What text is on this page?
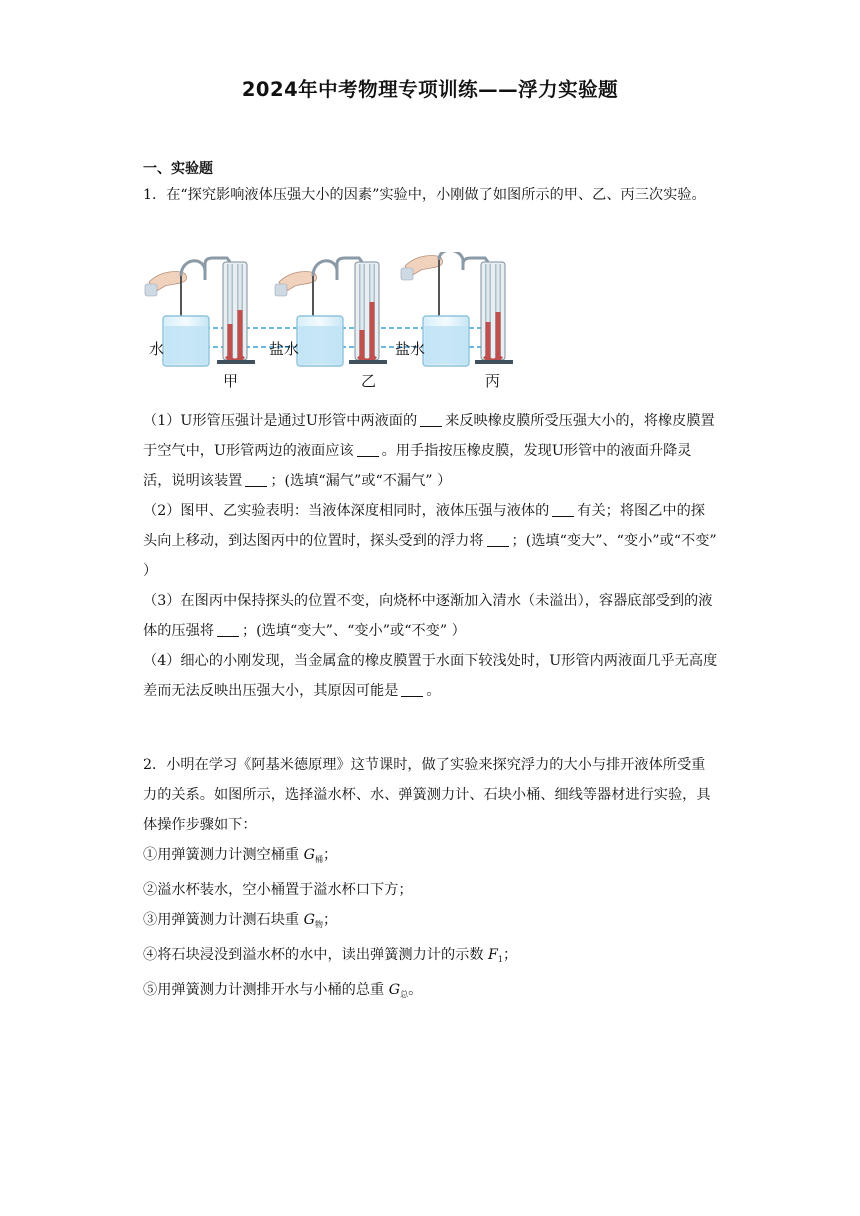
2024年中考物理专项训练——浮力实验题
一、实验题

1．在“探究影响液体压强大小的因素”实验中，小刚做了如图所示的甲、乙、丙三次实验。

水
甲
盐水
乙
盐水
丙

（1）U形管压强计是通过U形管中两液面的 来反映橡皮膜所受压强大小的，将橡皮膜置于空气中，U形管两边的液面应该 。用手指按压橡皮膜，发现U形管中的液面升降灵活，说明该装置 ；(选填“漏气”或“不漏气” ）

（2）图甲、乙实验表明：当液体深度相同时，液体压强与液体的 有关；将图乙中的探头向上移动，到达图丙中的位置时，探头受到的浮力将 ；(选填“变大”、“变小”或“不变” ）

（3）在图丙中保持探头的位置不变，向烧杯中逐渐加入清水（未溢出），容器底部受到的液体的压强将 ；(选填“变大”、“变小”或“不变” ）

（4）细心的小刚发现，当金属盒的橡皮膜置于水面下较浅处时，U形管内两液面几乎无高度差而无法反映出压强大小，其原因可能是 。

2．小明在学习《阿基米德原理》这节课时，做了实验来探究浮力的大小与排开液体所受重力的关系。如图所示，选择溢水杯、水、弹簧测力计、石块小桶、细线等器材进行实验，具体操作步骤如下：

①用弹簧测力计测空桶重 $G_桶$；

②溢水杯装水，空小桶置于溢水杯口下方；

③用弹簧测力计测石块重 $G_物$；

④将石块浸没到溢水杯的水中，读出弹簧测力计的示数 $F_1$；

⑤用弹簧测力计测排开水与小桶的总重 $G_总$。
